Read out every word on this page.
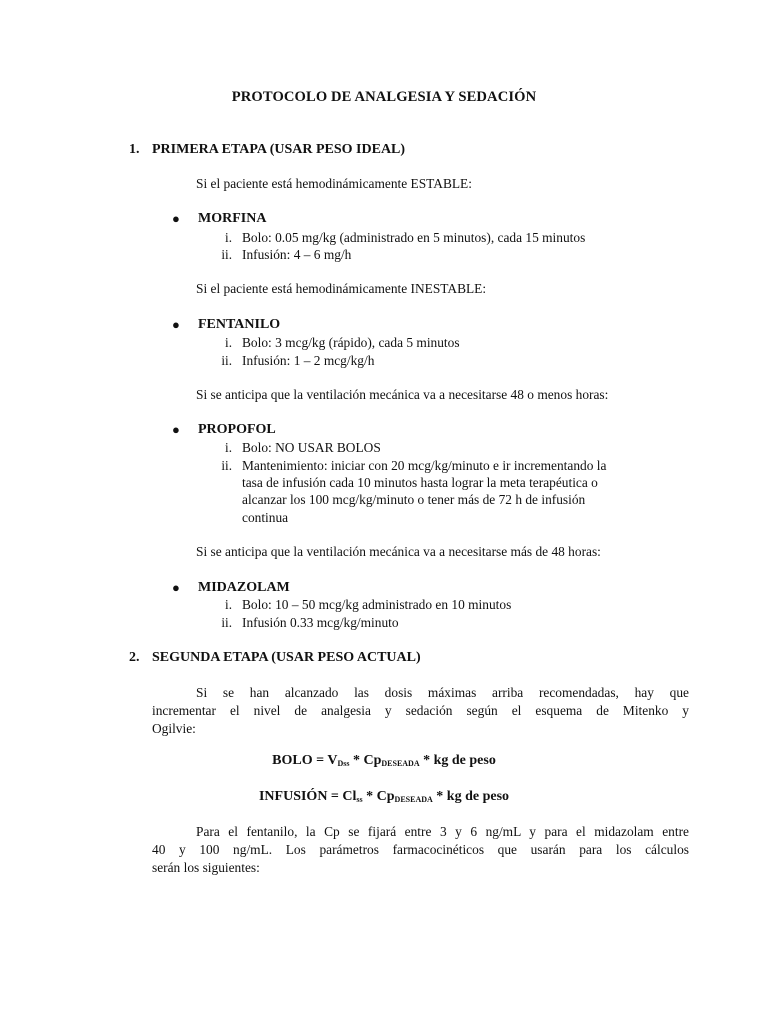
PROTOCOLO DE ANALGESIA Y SEDACIÓN
1. PRIMERA ETAPA (USAR PESO IDEAL)
Si el paciente está hemodinámicamente ESTABLE:
● MORFINA
i. Bolo: 0.05 mg/kg (administrado en 5 minutos), cada 15 minutos
ii. Infusión: 4 – 6 mg/h
Si el paciente está hemodinámicamente INESTABLE:
● FENTANILO
i. Bolo: 3 mcg/kg (rápido), cada 5 minutos
ii. Infusión: 1 – 2 mcg/kg/h
Si se anticipa que la ventilación mecánica va a necesitarse 48 o menos horas:
● PROPOFOL
i. Bolo: NO USAR BOLOS
ii. Mantenimiento: iniciar con 20 mcg/kg/minuto e ir incrementando la
tasa de infusión cada 10 minutos hasta lograr la meta terapéutica o
alcanzar los 100 mcg/kg/minuto o tener más de 72 h de infusión
continua
Si se anticipa que la ventilación mecánica va a necesitarse más de 48 horas:
● MIDAZOLAM
i. Bolo: 10 – 50 mcg/kg administrado en 10 minutos
ii. Infusión 0.33 mcg/kg/minuto
2. SEGUNDA ETAPA (USAR PESO ACTUAL)
Si se han alcanzado las dosis máximas arriba recomendadas, hay que
incrementar el nivel de analgesia y sedación según el esquema de Mitenko y
Ogilvie:
BOLO = $V_{Dss} * Cp_{DESEADA}$ * kg de peso
INFUSIÓN = $Cl_{ss} * Cp_{DESEADA}$ * kg de peso
Para el fentanilo, la Cp se fijará entre 3 y 6 ng/mL y para el midazolam entre
40 y 100 ng/mL. Los parámetros farmacocinéticos que usarán para los cálculos
serán los siguientes:
